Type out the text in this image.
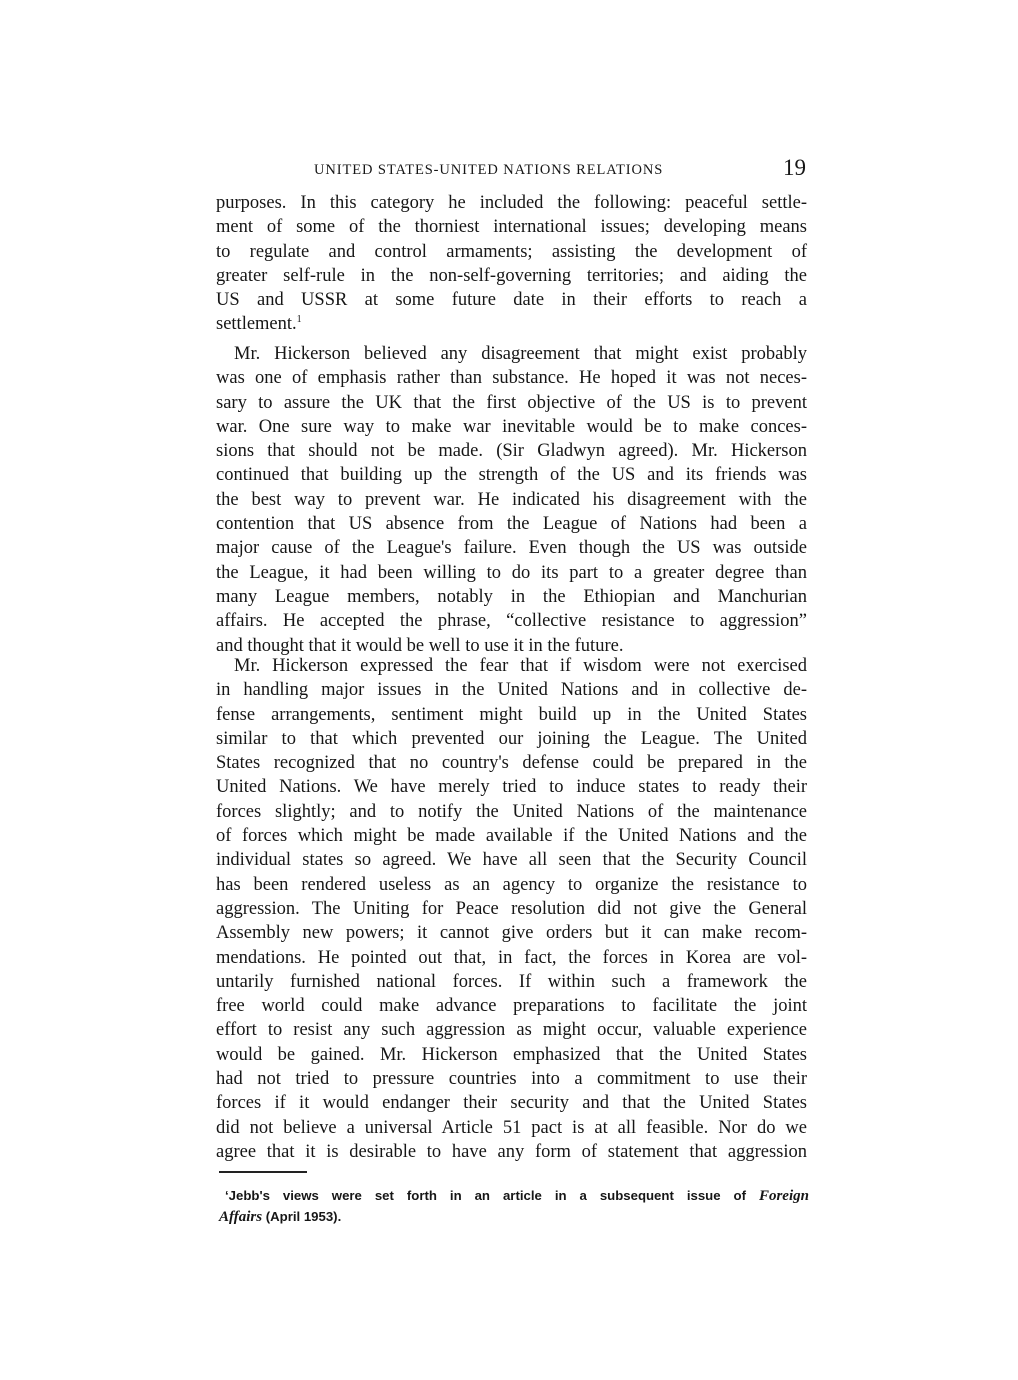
UNITED STATES-UNITED NATIONS RELATIONS	19
purposes. In this category he included the following: peaceful settle-
ment of some of the thorniest international issues; developing means
to regulate and control armaments; assisting the development of
greater self-rule in the non-self-governing territories; and aiding the
US and USSR at some future date in their efforts to reach a
settlement.$^1$
Mr. Hickerson believed any disagreement that might exist probably
was one of emphasis rather than substance. He hoped it was not neces-
sary to assure the UK that the first objective of the US is to prevent
war. One sure way to make war inevitable would be to make conces-
sions that should not be made. (Sir Gladwyn agreed). Mr. Hickerson
continued that building up the strength of the US and its friends was
the best way to prevent war. He indicated his disagreement with the
contention that US absence from the League of Nations had been a
major cause of the League's failure. Even though the US was outside
the League, it had been willing to do its part to a greater degree than
many League members, notably in the Ethiopian and Manchurian
affairs. He accepted the phrase, “collective resistance to aggression”
and thought that it would be well to use it in the future.
Mr. Hickerson expressed the fear that if wisdom were not exercised
in handling major issues in the United Nations and in collective de-
fense arrangements, sentiment might build up in the United States
similar to that which prevented our joining the League. The United
States recognized that no country's defense could be prepared in the
United Nations. We have merely tried to induce states to ready their
forces slightly; and to notify the United Nations of the maintenance
of forces which might be made available if the United Nations and the
individual states so agreed. We have all seen that the Security Council
has been rendered useless as an agency to organize the resistance to
aggression. The Uniting for Peace resolution did not give the General
Assembly new powers; it cannot give orders but it can make recom-
mendations. He pointed out that, in fact, the forces in Korea are vol-
untarily furnished national forces. If within such a framework the
free world could make advance preparations to facilitate the joint
effort to resist any such aggression as might occur, valuable experience
would be gained. Mr. Hickerson emphasized that the United States
had not tried to pressure countries into a commitment to use their
forces if it would endanger their security and that the United States
did not believe a universal Article 51 pact is at all feasible. Nor do we
agree that it is desirable to have any form of statement that aggression
‘Jebb's views were set forth in an article in a subsequent issue of Foreign
Affairs (April 1953).
